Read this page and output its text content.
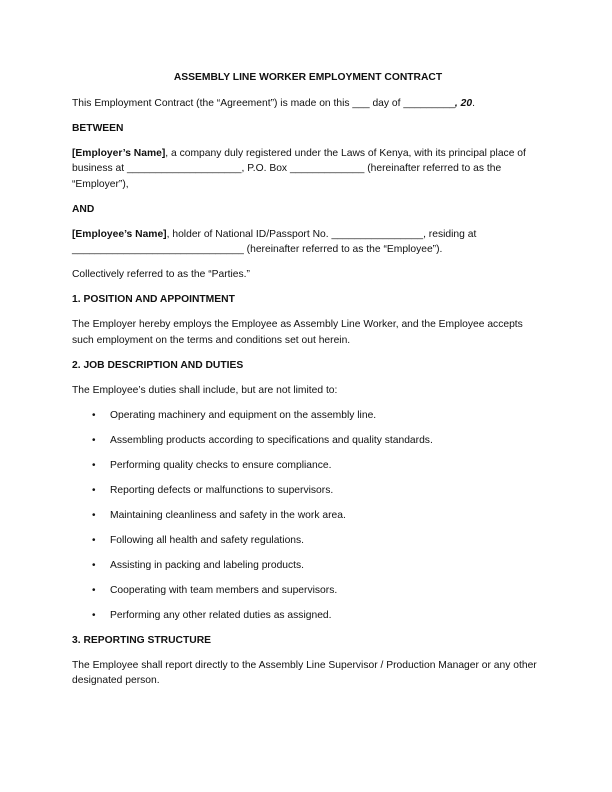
ASSEMBLY LINE WORKER EMPLOYMENT CONTRACT

This Employment Contract (the “Agreement”) is made on this ___ day of _________, 20.

BETWEEN

[Employer’s Name], a company duly registered under the Laws of Kenya, with its principal place of business at ____________________, P.O. Box _____________ (hereinafter referred to as the “Employer”),

AND

[Employee’s Name], holder of National ID/Passport No. ________________, residing at ______________________________ (hereinafter referred to as the “Employee”).

Collectively referred to as the “Parties.”

1. POSITION AND APPOINTMENT

The Employer hereby employs the Employee as Assembly Line Worker, and the Employee accepts such employment on the terms and conditions set out herein.

2. JOB DESCRIPTION AND DUTIES

The Employee’s duties shall include, but are not limited to:

• Operating machinery and equipment on the assembly line.
• Assembling products according to specifications and quality standards.
• Performing quality checks to ensure compliance.
• Reporting defects or malfunctions to supervisors.
• Maintaining cleanliness and safety in the work area.
• Following all health and safety regulations.
• Assisting in packing and labeling products.
• Cooperating with team members and supervisors.
• Performing any other related duties as assigned.
3. REPORTING STRUCTURE

The Employee shall report directly to the Assembly Line Supervisor / Production Manager or any other designated person.
